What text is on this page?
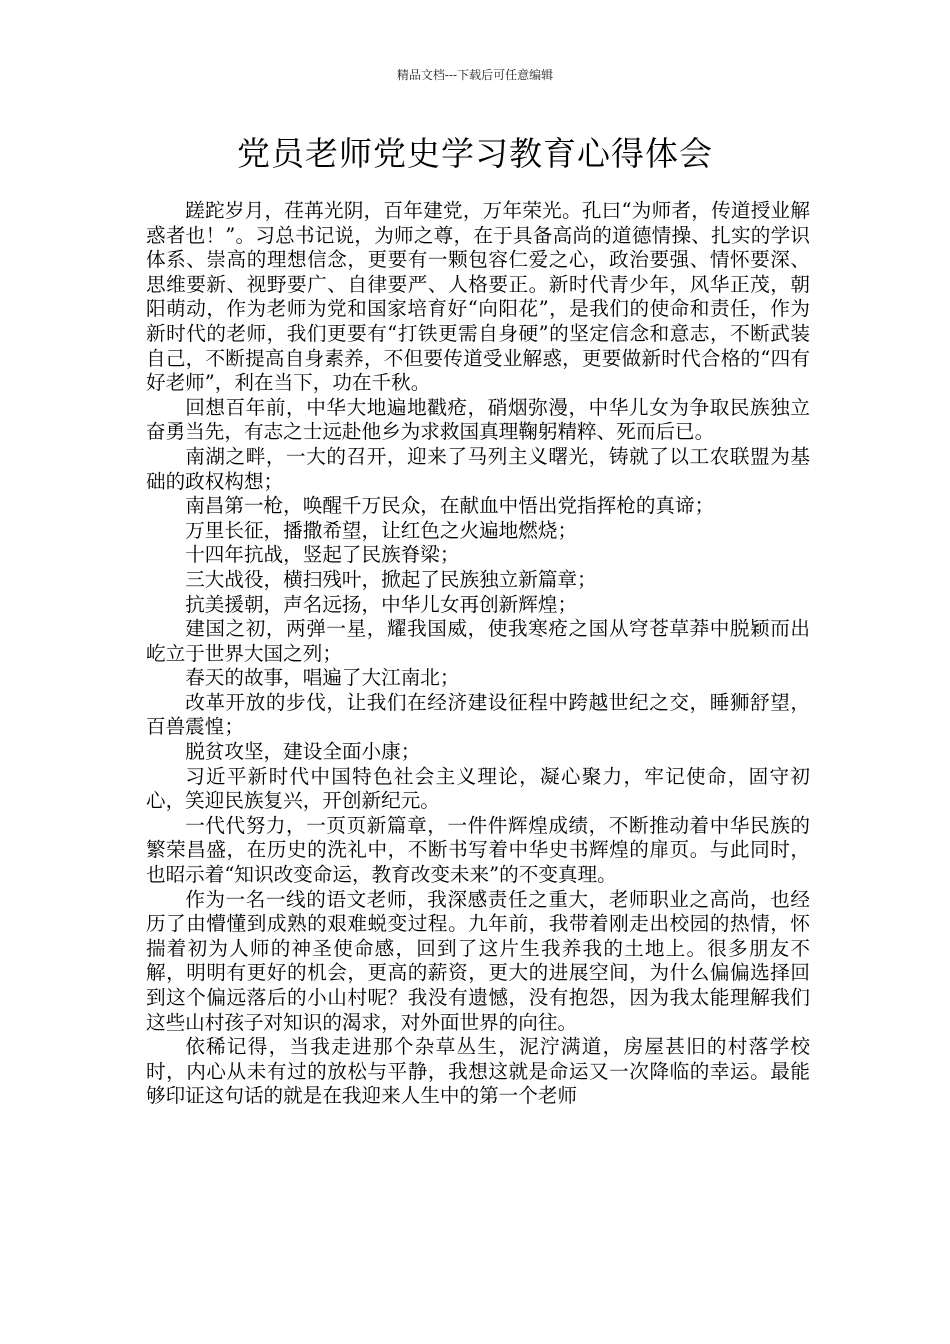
精品文档---下载后可任意编辑
党员老师党史学习教育心得体会

蹉跎岁月，荏苒光阴，百年建党，万年荣光。孔曰“为师者，传道授业解惑者也！”。习总书记说，为师之尊，在于具备高尚的道德情操、扎实的学识体系、崇高的理想信念，更要有一颗包容仁爱之心，政治要强、情怀要深、思维要新、视野要广、自律要严、人格要正。新时代青少年，风华正茂，朝阳萌动，作为老师为党和国家培育好“向阳花”，是我们的使命和责任，作为新时代的老师，我们更要有“打铁更需自身硬”的坚定信念和意志，不断武装自己，不断提高自身素养，不但要传道受业解惑，更要做新时代合格的“四有好老师”，利在当下，功在千秋。

回想百年前，中华大地遍地戳疮，硝烟弥漫，中华儿女为争取民族独立奋勇当先，有志之士远赴他乡为求救国真理鞠躬精粹、死而后已。

南湖之畔，一大的召开，迎来了马列主义曙光，铸就了以工农联盟为基础的政权构想；

南昌第一枪，唤醒千万民众，在献血中悟出党指挥枪的真谛；

万里长征，播撒希望，让红色之火遍地燃烧；

十四年抗战，竖起了民族脊梁；

三大战役，横扫残叶，掀起了民族独立新篇章；

抗美援朝，声名远扬，中华儿女再创新辉煌；

建国之初，两弹一星，耀我国威，使我寒疮之国从穹苍草莽中脱颖而出屹立于世界大国之列；

春天的故事，唱遍了大江南北；

改革开放的步伐，让我们在经济建设征程中跨越世纪之交，睡狮舒望，百兽震惶；

脱贫攻坚，建设全面小康；

习近平新时代中国特色社会主义理论，凝心聚力，牢记使命，固守初心，笑迎民族复兴，开创新纪元。

一代代努力，一页页新篇章，一件件辉煌成绩，不断推动着中华民族的繁荣昌盛，在历史的洗礼中，不断书写着中华史书辉煌的扉页。与此同时，也昭示着“知识改变命运，教育改变未来”的不变真理。

作为一名一线的语文老师，我深感责任之重大，老师职业之高尚，也经历了由懵懂到成熟的艰难蜕变过程。九年前，我带着刚走出校园的热情，怀揣着初为人师的神圣使命感，回到了这片生我养我的土地上。很多朋友不解，明明有更好的机会，更高的薪资，更大的进展空间，为什么偏偏选择回到这个偏远落后的小山村呢？我没有遗憾，没有抱怨，因为我太能理解我们这些山村孩子对知识的渴求，对外面世界的向往。

依稀记得，当我走进那个杂草丛生，泥泞满道，房屋甚旧的村落学校时，内心从未有过的放松与平静，我想这就是命运又一次降临的幸运。最能够印证这句话的就是在我迎来人生中的第一个老师
